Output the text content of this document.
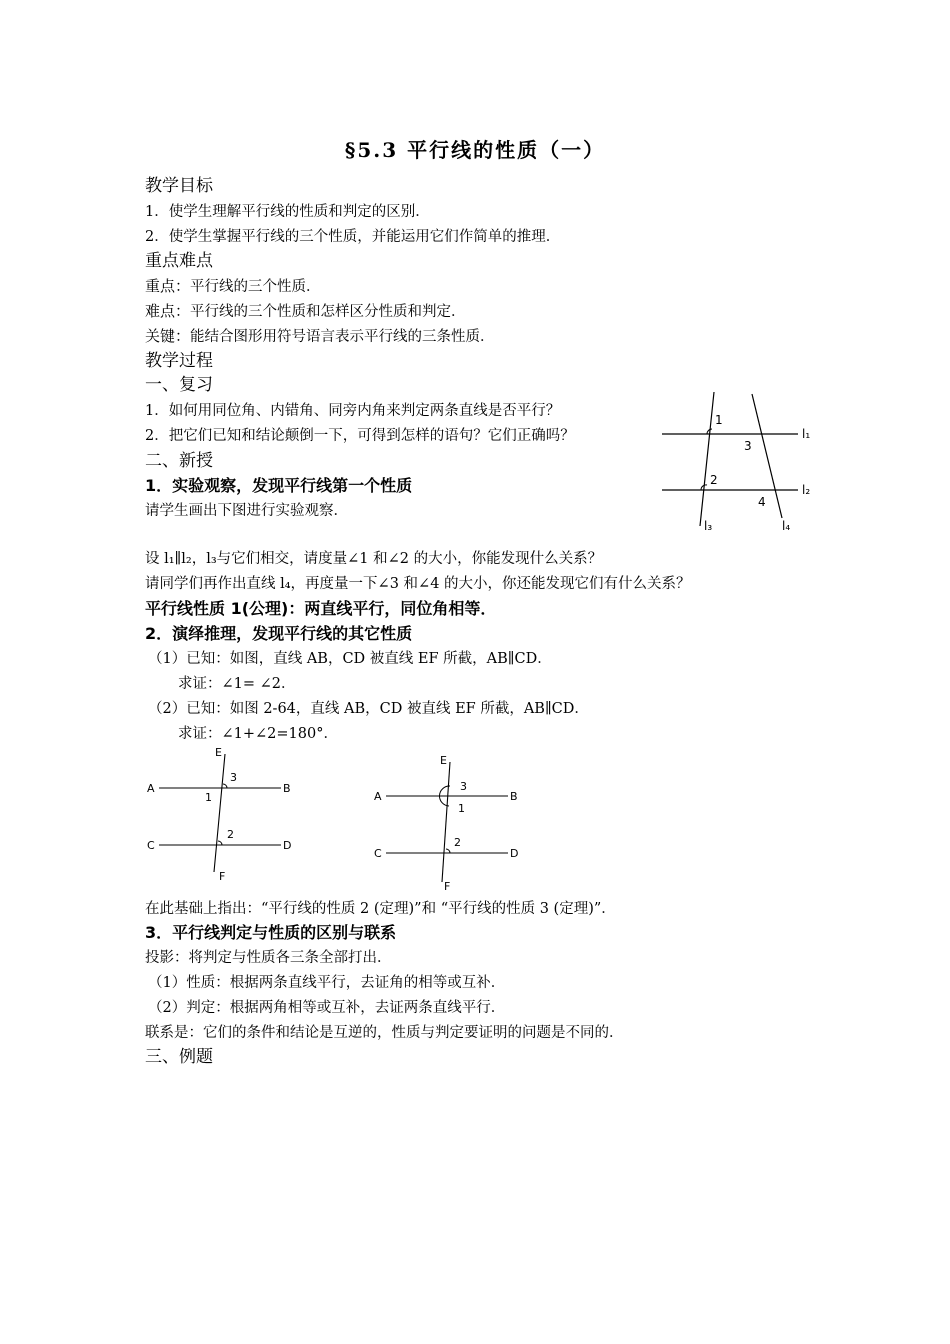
§5.3 平行线的性质（一）
教学目标
1．使学生理解平行线的性质和判定的区别．
2．使学生掌握平行线的三个性质，并能运用它们作简单的推理．
重点难点
重点：平行线的三个性质．
难点：平行线的三个性质和怎样区分性质和判定．
关键：能结合图形用符号语言表示平行线的三条性质．
教学过程
一、复习
1．如何用同位角、内错角、同旁内角来判定两条直线是否平行？
2．把它们已知和结论颠倒一下，可得到怎样的语句？它们正确吗？
二、新授
1．实验观察，发现平行线第一个性质
请学生画出下图进行实验观察．
1
3
2
4
l₁
l₂
l₃	l₄
设 l₁∥l₂，l₃与它们相交，请度量∠1 和∠2 的大小，你能发现什么关系？
请同学们再作出直线 l₄，再度量一下∠3 和∠4 的大小，你还能发现它们有什么关系？
平行线性质 1(公理)：两直线平行，同位角相等．
2．演绎推理，发现平行线的其它性质
（1）已知：如图，直线 AB，CD 被直线 EF 所截，AB∥CD．
求证：∠1= ∠2．
（2）已知：如图 2-64，直线 AB，CD 被直线 EF 所截，AB∥CD．
求证：∠1+∠2=180°．
E
3
A	B
1
C
2
D
F
E
3
A	B
1
C
2
D
F
在此基础上指出：“平行线的性质 2 (定理)”和 “平行线的性质 3 (定理)”．
3．平行线判定与性质的区别与联系
投影：将判定与性质各三条全部打出．
（1）性质：根据两条直线平行，去证角的相等或互补．
（2）判定：根据两角相等或互补，去证两条直线平行．
联系是：它们的条件和结论是互逆的，性质与判定要证明的问题是不同的．
三、例题
